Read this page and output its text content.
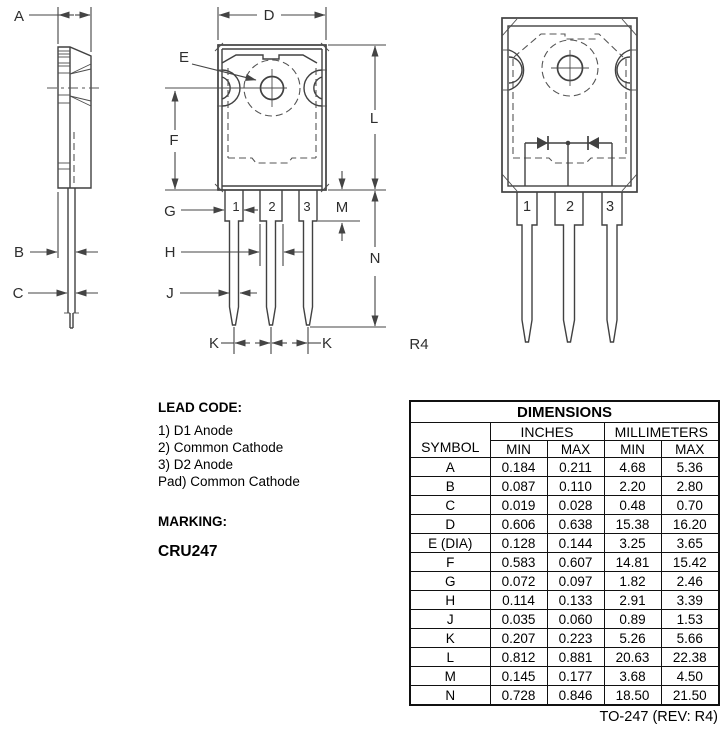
A
B
C
D
E
F
1 2 3
G
H
J
K	K
L
M
N
R4
1 2 3
LEAD CODE:
1) D1 Anode
2) Common Cathode
3) D2 Anode
Pad) Common Cathode
MARKING:
CRU247
DIMENSIONS				
SYMBOL	INCHES		MILLIMETERS	
	MIN	MAX	MIN	MAX
A	0.184	0.211	4.68	5.36
B	0.087	0.110	2.20	2.80
C	0.019	0.028	0.48	0.70
D	0.606	0.638	15.38	16.20
E (DIA)	0.128	0.144	3.25	3.65
F	0.583	0.607	14.81	15.42
G	0.072	0.097	1.82	2.46
H	0.114	0.133	2.91	3.39
J	0.035	0.060	0.89	1.53
K	0.207	0.223	5.26	5.66
L	0.812	0.881	20.63	22.38
M	0.145	0.177	3.68	4.50
N	0.728	0.846	18.50	21.50
TO-247 (REV: R4)
